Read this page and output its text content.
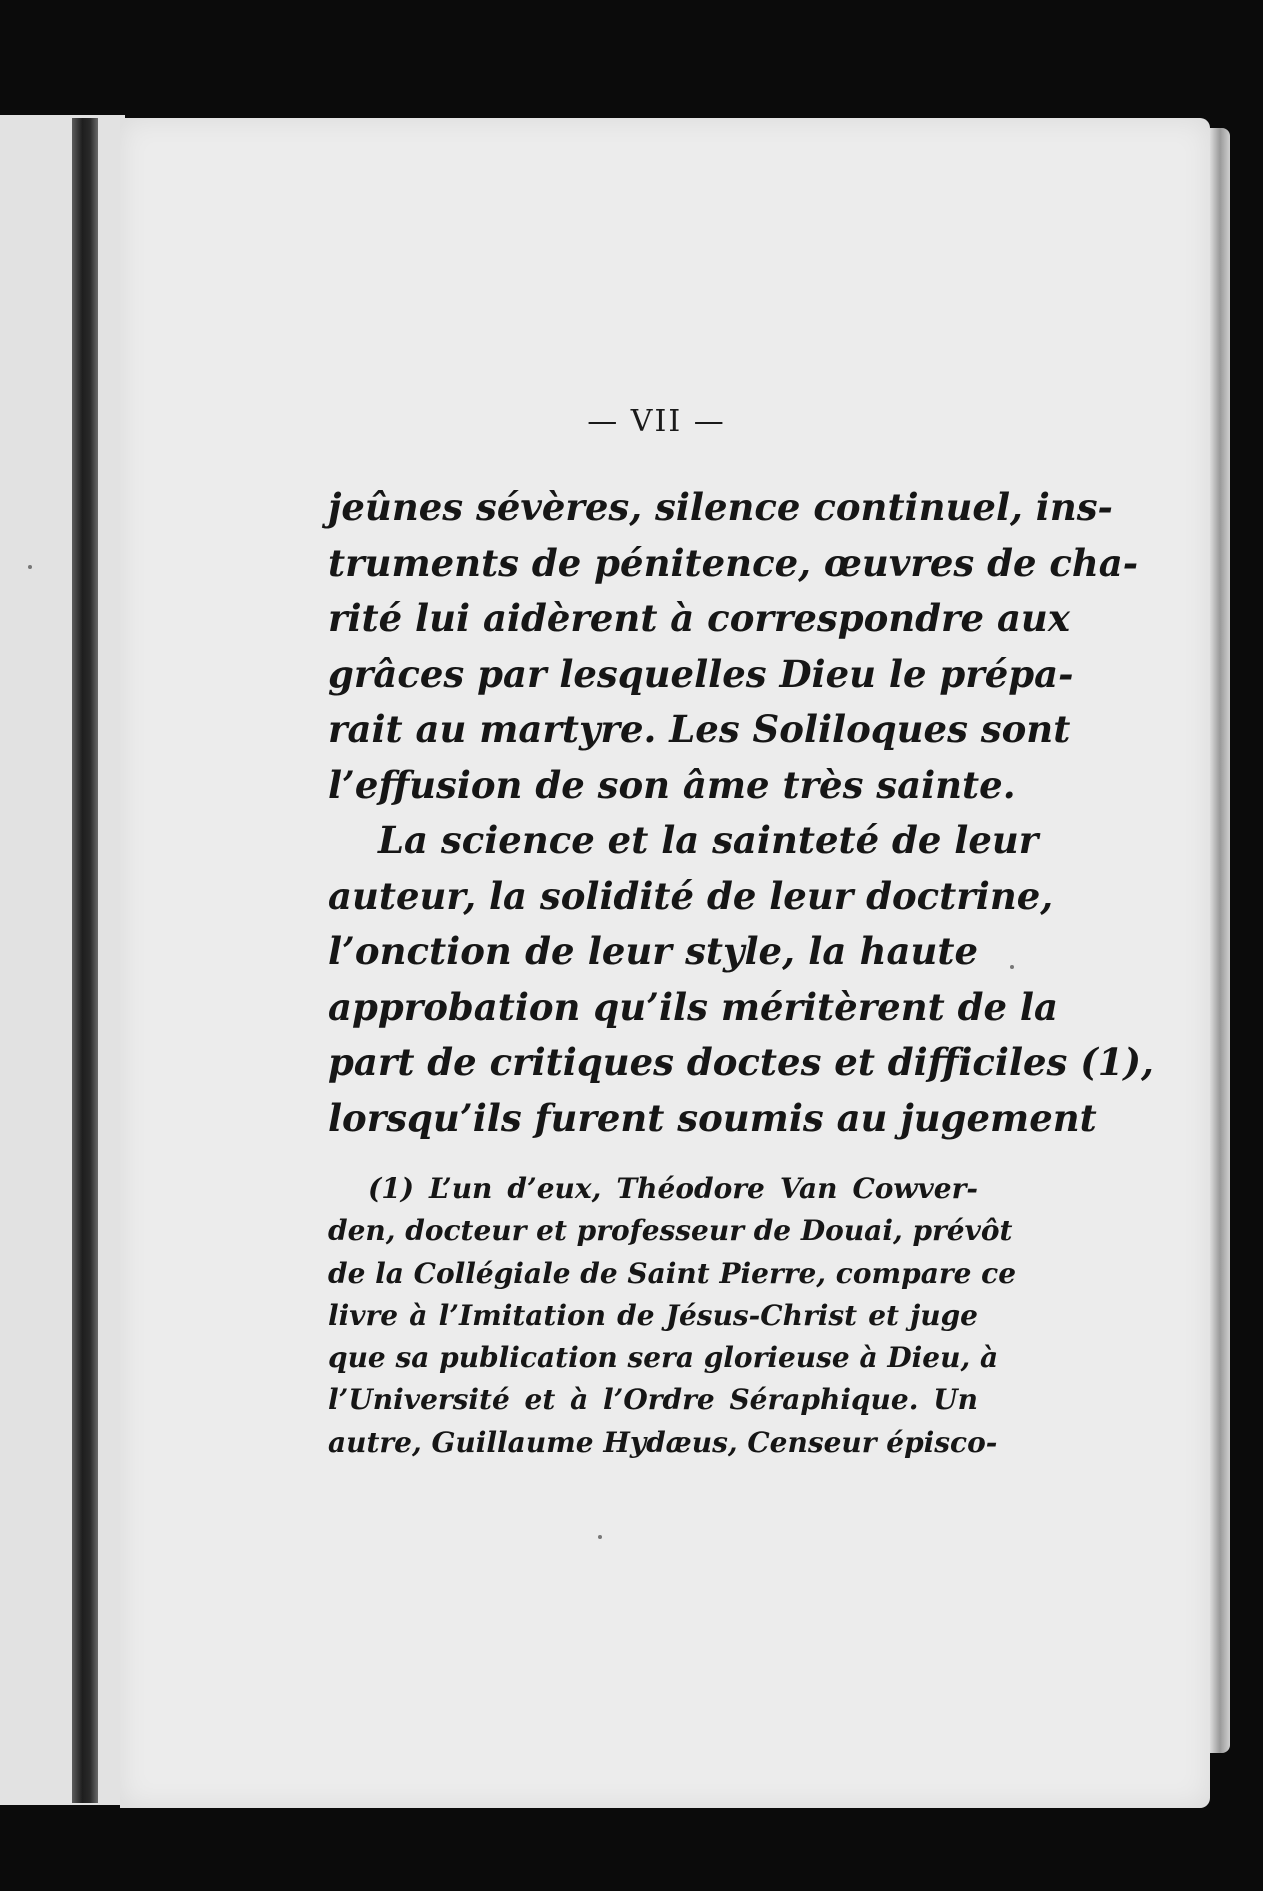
— VII —
jeûnes sévères, silence continuel, ins-
truments de pénitence, œuvres de cha-
rité lui aidèrent à correspondre aux
grâces par lesquelles Dieu le prépa-
rait au martyre. Les Soliloques sont
l’effusion de son âme très sainte.
La science et la sainteté de leur
auteur, la solidité de leur doctrine,
l’onction de leur style, la haute
approbation qu’ils méritèrent de la
part de critiques doctes et difficiles (1),
lorsqu’ils furent soumis au jugement
(1) L’un d’eux, Théodore Van Cowver-
den, docteur et professeur de Douai, prévôt
de la Collégiale de Saint Pierre, compare ce
livre à l’Imitation de Jésus-Christ et juge
que sa publication sera glorieuse à Dieu, à
l’Université et à l’Ordre Séraphique. Un
autre, Guillaume Hydæus, Censeur épisco-
